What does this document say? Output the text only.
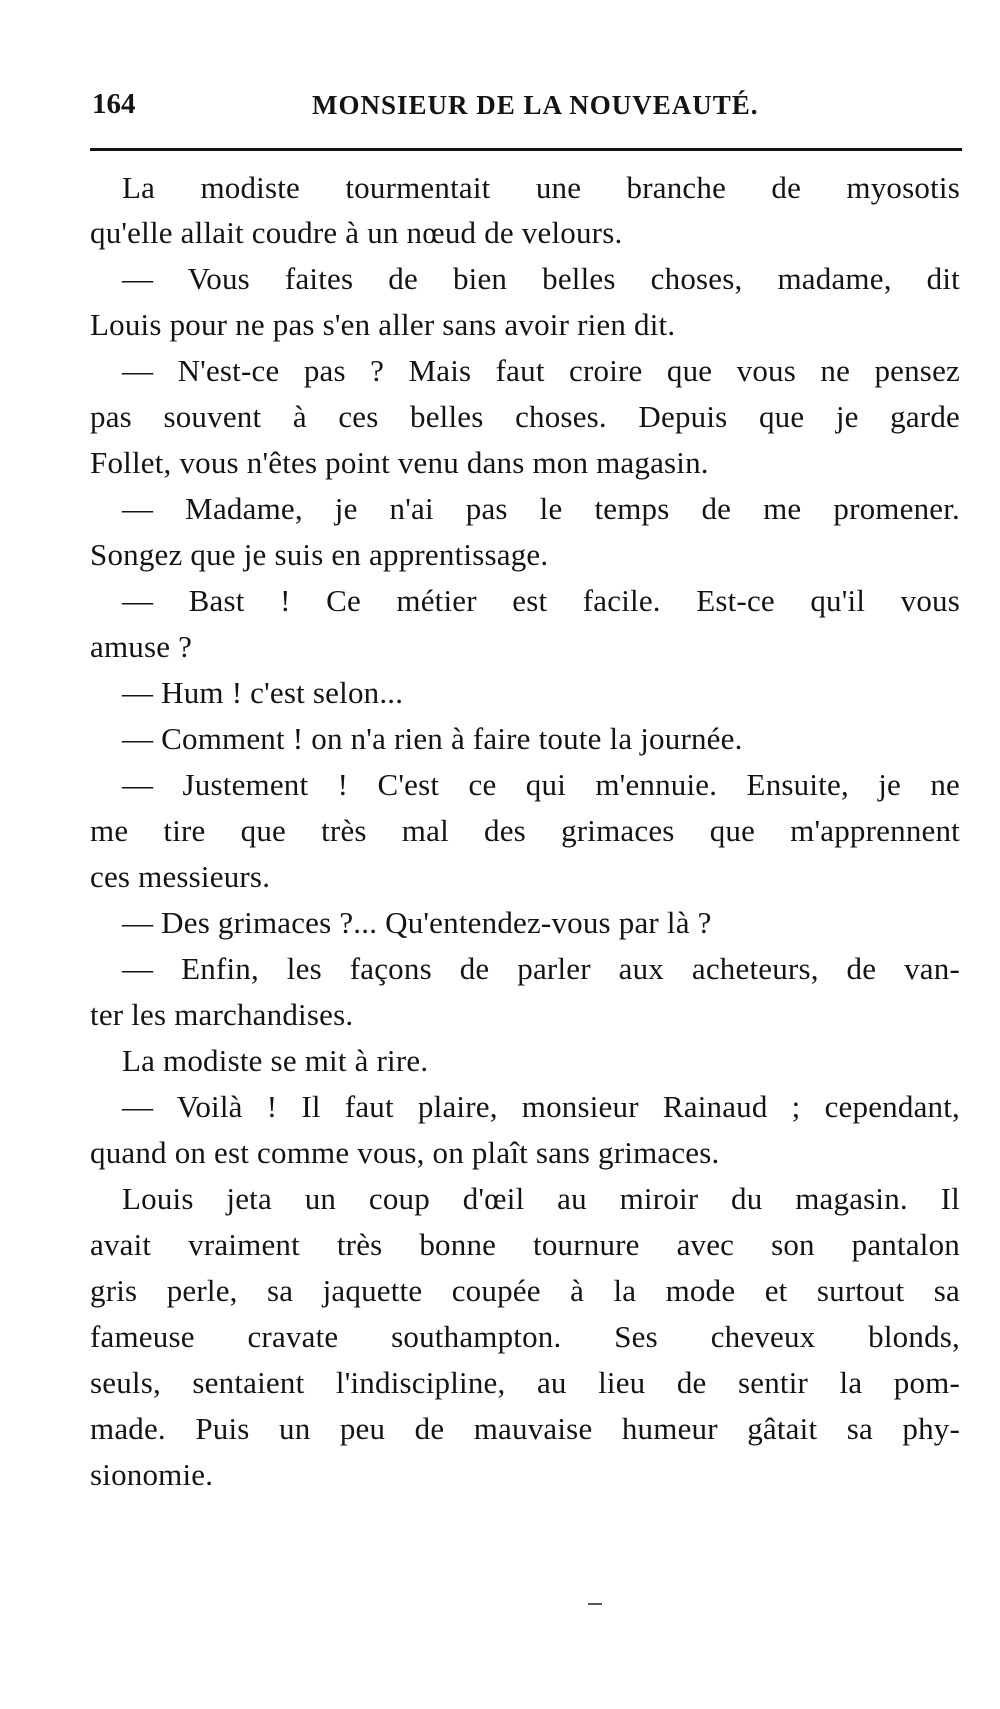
164	MONSIEUR DE LA NOUVEAUTÉ.
La modiste tourmentait une branche de myosotis
qu'elle allait coudre à un nœud de velours.
— Vous faites de bien belles choses, madame, dit
Louis pour ne pas s'en aller sans avoir rien dit.
— N'est-ce pas ? Mais faut croire que vous ne pensez
pas souvent à ces belles choses. Depuis que je garde
Follet, vous n'êtes point venu dans mon magasin.
— Madame, je n'ai pas le temps de me promener.
Songez que je suis en apprentissage.
— Bast ! Ce métier est facile. Est-ce qu'il vous
amuse ?
— Hum ! c'est selon...
— Comment ! on n'a rien à faire toute la journée.
— Justement ! C'est ce qui m'ennuie. Ensuite, je ne
me tire que très mal des grimaces que m'apprennent
ces messieurs.
— Des grimaces ?... Qu'entendez-vous par là ?
— Enfin, les façons de parler aux acheteurs, de van-
ter les marchandises.
La modiste se mit à rire.
— Voilà ! Il faut plaire, monsieur Rainaud ; cependant,
quand on est comme vous, on plaît sans grimaces.
Louis jeta un coup d'œil au miroir du magasin. Il
avait vraiment très bonne tournure avec son pantalon
gris perle, sa jaquette coupée à la mode et surtout sa
fameuse cravate southampton. Ses cheveux blonds,
seuls, sentaient l'indiscipline, au lieu de sentir la pom-
made. Puis un peu de mauvaise humeur gâtait sa phy-
sionomie.
